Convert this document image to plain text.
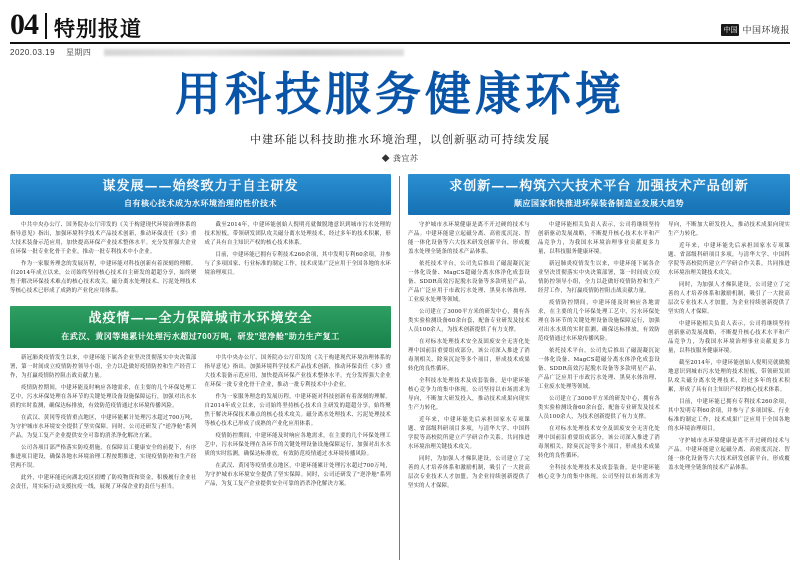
04 特别报道	中国 中国环境报
2020.03.19 星期四
用科技服务健康环境
中建环能以科技助推水环境治理，以创新驱动可持续发展
◆ 龚宜苏
谋发展——始终致力于自主研发
自有核心技术成为水环境治理的性价技术

中共中央办公厅、国务院办公厅印发的《关于构建现代环境治理体系的指导意见》指出，加强环境科学技术产品技术创新，推动环保责任《多》重大技术装备示范应用，加快提高环保产业技术整体水平。充分发挥强大企业在环保一批专业化骨干企业，推动一批专利技术中小企业。

作为一家服务理念的发展历程，中建环能对科技创新有着深刻的理解。自2014年成立以来，公司始终坚持核心技术自主研发的超超分享，始终聚焦于解决环保技术难点的核心技术攻关。磁分离水处理技术、污泥处理技术等核心技术已形成了成熟的产业化应用体系。

截至2014年，中建环能创始人倪明亮就做脱地意识到城市污水处理的技术短板，带领研发团队攻关磁分离水处理技术，经过多年的技术积累，形成了具有自主知识产权的核心技术体系。

目前，中建环能已拥有专利技术260余项，其中发明专利60余项，并参与了多项国家、行业标准的制定工作，技术成果广泛应用于全国各地的水环境治理项目。

战疫情——全力保障城市水环境安全
在武汉、黄冈等地累计处理污水超过700万吨，研发"逆净舱"助力生产复工

新冠肺炎疫情发生以来，中建环能下属各企业坚决贯彻落实中央决策部署，第一时间成立疫情防控领导小组，全力以赴做好疫情防控和生产经营工作，为打赢疫情防控阻击战贡献力量。

疫情防控期间，中建环能及时响应各地需求，在主要的几个环保处理工艺中，污水环保处理在各环节的关键处理设备设施保障运行，加强对出水水质的实时监测，确保达标排放，有效防范疫情通过水环境传播风险。

在武汉、黄冈等疫情重点地区，中建环能累计处理污水超过700万吨，为守护城市水环境安全提供了坚实保障。同时，公司还研发了"逆净舱"系列产品，为复工复产企业提供安全可靠的消杀净化解决方案。

公司各项目部严格落实防疫措施，在保障员工健康安全的前提下，有序推进项目建设，确保各地水环境治理工程按期推进，实现疫情防控和生产经营两不误。

此外，中建环能还向湖北疫区捐赠了防疫物资和资金，积极履行企业社会责任，用实际行动支援抗疫一线，展现了环保企业的责任与担当。

中共中央办公厅、国务院办公厅印发的《关于构建现代环境治理体系的指导意见》指出，加强环境科学技术产品技术创新，推动环保责任《多》重大技术装备示范应用，加快提高环保产业技术整体水平。充分发挥强大企业在环保一批专业化骨干企业，推动一批专利技术中小企业。

作为一家服务理念的发展历程，中建环能对科技创新有着深刻的理解。自2014年成立以来，公司始终坚持核心技术自主研发的超超分享，始终聚焦于解决环保技术难点的核心技术攻关。磁分离水处理技术、污泥处理技术等核心技术已形成了成熟的产业化应用体系。

疫情防控期间，中建环能及时响应各地需求，在主要的几个环保处理工艺中，污水环保处理在各环节的关键处理设备设施保障运行，加强对出水水质的实时监测，确保达标排放，有效防范疫情通过水环境传播风险。

在武汉、黄冈等疫情重点地区，中建环能累计处理污水超过700万吨，为守护城市水环境安全提供了坚实保障。同时，公司还研发了"逆净舱"系列产品，为复工复产企业提供安全可靠的消杀净化解决方案。

求创新——构筑六大技术平台 加强技术产品创新
顺应国家和快推进环保装备制造业发展大趋势

守护城市水环境健康是离不开过硬的技术与产品。中建环能建立起磁分离、高密度沉淀、智能一体化设备等六大技术研发创新平台，形成覆盖水处理全链条的技术产品体系。

依托技术平台，公司先后推出了磁混凝沉淀一体化设备、MagCS超磁分离水体净化成套设备、SDDR高效污泥脱水设备等多款明星产品，产品广泛应用于市政污水处理、黑臭水体治理、工业废水处理等领域。

公司建立了3000平方米的研发中心，拥有各类实验检测设备60余台套，配备专业研发及技术人员100余人，为技术创新提供了有力支撑。

在对标水处理技术安全及固废安全无害化处理中国前沿重要组成部分，该公司深入推进了消毒剂相关、除臭沉淀等多个项目，形成技术成果转化的良性循环。

全科技水处理技术及成套装备，是中建环能核心竞争力的集中体现。公司坚持以市场需求为导向，不断加大研发投入，推动技术成果向现实生产力转化。

近年来，中建环能先后承担国家水专项课题、省部级科研项目多项，与清华大学、中国科学院等高校院所建立产学研合作关系，共同推进水环境治理关键技术攻关。

同时，为加强人才梯队建设，公司建立了完善的人才培养体系和激励机制，吸引了一大批高层次专业技术人才加盟，为企业持续创新提供了坚实的人才保障。

中建环能相关负责人表示，公司将继续坚持创新驱动发展战略，不断提升核心技术水平和产品竞争力，为我国水环境治理事业贡献更多力量，以科技服务健康环境。

新冠肺炎疫情发生以来，中建环能下属各企业坚决贯彻落实中央决策部署，第一时间成立疫情防控领导小组，全力以赴做好疫情防控和生产经营工作，为打赢疫情防控阻击战贡献力量。

疫情防控期间，中建环能及时响应各地需求，在主要的几个环保处理工艺中，污水环保处理在各环节的关键处理设备设施保障运行，加强对出水水质的实时监测，确保达标排放，有效防范疫情通过水环境传播风险。

依托技术平台，公司先后推出了磁混凝沉淀一体化设备、MagCS超磁分离水体净化成套设备、SDDR高效污泥脱水设备等多款明星产品，产品广泛应用于市政污水处理、黑臭水体治理、工业废水处理等领域。

公司建立了3000平方米的研发中心，拥有各类实验检测设备60余台套，配备专业研发及技术人员100余人，为技术创新提供了有力支撑。

在对标水处理技术安全及固废安全无害化处理中国前沿重要组成部分，该公司深入推进了消毒剂相关、除臭沉淀等多个项目，形成技术成果转化的良性循环。

全科技水处理技术及成套装备，是中建环能核心竞争力的集中体现。公司坚持以市场需求为导向，不断加大研发投入，推动技术成果向现实生产力转化。

近年来，中建环能先后承担国家水专项课题、省部级科研项目多项，与清华大学、中国科学院等高校院所建立产学研合作关系，共同推进水环境治理关键技术攻关。

同时，为加强人才梯队建设，公司建立了完善的人才培养体系和激励机制，吸引了一大批高层次专业技术人才加盟，为企业持续创新提供了坚实的人才保障。

中建环能相关负责人表示，公司将继续坚持创新驱动发展战略，不断提升核心技术水平和产品竞争力，为我国水环境治理事业贡献更多力量，以科技服务健康环境。

截至2014年，中建环能创始人倪明亮就做脱地意识到城市污水处理的技术短板，带领研发团队攻关磁分离水处理技术，经过多年的技术积累，形成了具有自主知识产权的核心技术体系。

目前，中建环能已拥有专利技术260余项，其中发明专利60余项，并参与了多项国家、行业标准的制定工作，技术成果广泛应用于全国各地的水环境治理项目。

守护城市水环境健康是离不开过硬的技术与产品。中建环能建立起磁分离、高密度沉淀、智能一体化设备等六大技术研发创新平台，形成覆盖水处理全链条的技术产品体系。
